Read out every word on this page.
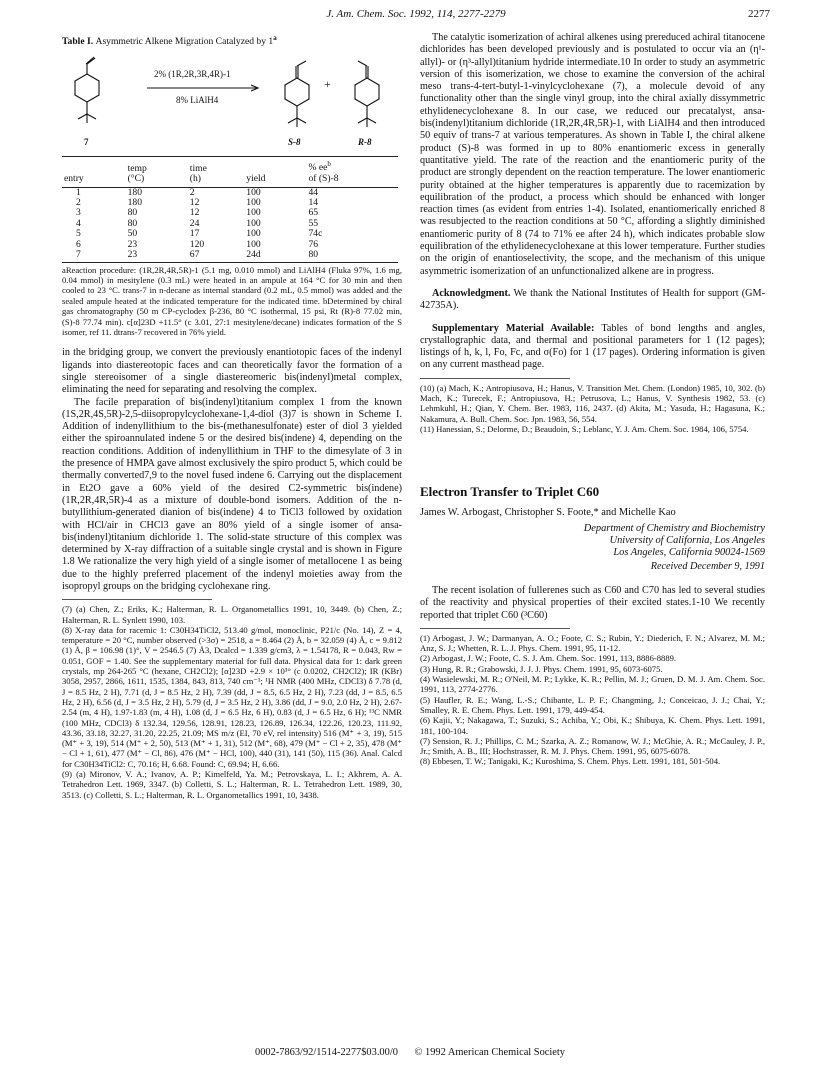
J. Am. Chem. Soc. 1992, 114, 2277-2279	2277
Table I. Asymmetric Alkene Migration Catalyzed by 1$^a$
2% (1R,2R,3R,4R)-1
8% LiAlH4
+
7	S-8	R-8
	temp	time		% $ee^b$
entry	(°C)	(h)	yield	of (S)-8
1	180	2	100	44
2	180	12	100	14
3	80	12	100	65
4	80	24	100	55
5	50	17	100	74c
6	23	120	100	76
7	23	67	24d	80
aReaction procedure: (1R,2R,4R,5R)-1 (5.1 mg, 0.010 mmol) and LiAlH4 (Fluka 97%, 1.6 mg, 0.04 mmol) in mesitylene (0.3 mL) were heated in an ampule at 164 °C for 30 min and then cooled to 23 °C. trans-7 in n-decane as internal standard (0.2 mL, 0.5 mmol) was added and the sealed ampule heated at the indicated temperature for the indicated time. bDetermined by chiral gas chromatography (50 m CP-cyclodex β-236, 80 °C isothermal, 15 psi, Rt (R)-8 77.02 min, (S)-8 77.74 min). c[α]23D +11.5° (c 3.01, 27:1 mesitylene/decane) indicates formation of the S isomer, ref 11. dtrans-7 recovered in 76% yield.

in the bridging group, we convert the previously enantiotopic faces of the indenyl ligands into diastereotopic faces and can theoretically favor the formation of a single stereoisomer of a single diastereomeric bis(indenyl)metal complex, eliminating the need for separating and resolving the complex.

The facile preparation of bis(indenyl)titanium complex 1 from the known (1S,2R,4S,5R)-2,5-diisopropylcyclohexane-1,4-diol (3)7 is shown in Scheme I. Addition of indenyllithium to the bis-(methanesulfonate) ester of diol 3 yielded either the spiroannulated indene 5 or the desired bis(indene) 4, depending on the reaction conditions. Addition of indenyllithium in THF to the dimesylate of 3 in the presence of HMPA gave almost exclusively the spiro product 5, which could be thermally converted7,9 to the novel fused indene 6. Carrying out the displacement in Et2O gave a 60% yield of the desired C2-symmetric bis(indene) (1R,2R,4R,5R)-4 as a mixture of double-bond isomers. Addition of the n-butyllithium-generated dianion of bis(indene) 4 to TiCl3 followed by oxidation with HCl/air in CHCl3 gave an 80% yield of a single isomer of ansa-bis(indenyl)titanium dichloride 1. The solid-state structure of this complex was determined by X-ray diffraction of a suitable single crystal and is shown in Figure 1.8 We rationalize the very high yield of a single isomer of metallocene 1 as being due to the highly preferred placement of the indenyl moieties away from the isopropyl groups on the bridging cyclohexane ring.

(7) (a) Chen, Z.; Eriks, K.; Halterman, R. L. Organometallics 1991, 10, 3449. (b) Chen, Z.; Halterman, R. L. Synlett 1990, 103.
(8) X-ray data for racemic 1: C30H34TiCl2, 513.40 g/mol, monoclinic, P21/c (No. 14), Z = 4, temperature = 20 °C, number observed (>3σ) = 2518, a = 8.464 (2) Å, b = 32.059 (4) Å, c = 9.812 (1) Å, β = 106.98 (1)°, V = 2546.5 (7) Å3, Dcalcd = 1.339 g/cm3, λ = 1.54178, R = 0.043, Rw = 0.051, GOF = 1.40. See the supplementary material for full data. Physical data for 1: dark green crystals, mp 264-265 °C (hexane, CH2Cl2); [α]23D +2.9 × 10³° (c 0.0202, CH2Cl2); IR (KBr) 3058, 2957, 2866, 1611, 1535, 1384, 843, 813, 740 cm⁻¹; ¹H NMR (400 MHz, CDCl3) δ 7.78 (d, J = 8.5 Hz, 2 H), 7.71 (d, J = 8.5 Hz, 2 H), 7.39 (dd, J = 8.5, 6.5 Hz, 2 H), 7.23 (dd, J = 8.5, 6.5 Hz, 2 H), 6.56 (d, J = 3.5 Hz, 2 H), 5.79 (d, J = 3.5 Hz, 2 H), 3.86 (dd, J = 9.0, 2.0 Hz, 2 H), 2.67-2.54 (m, 4 H), 1.97-1.83 (m, 4 H), 1.08 (d, J = 6.5 Hz, 6 H), 0.83 (d, J = 6.5 Hz, 6 H); ¹³C NMR (100 MHz, CDCl3) δ 132.34, 129.56, 128.91, 128.23, 126.89, 126.34, 122.26, 120.23, 111.92, 43.36, 33.18, 32.27, 31.20, 22.25, 21.09; MS m/z (EI, 70 eV, rel intensity) 516 (M⁺ + 3, 19), 515 (M⁺ + 3, 19), 514 (M⁺ + 2, 50), 513 (M⁺ + 1, 31), 512 (M⁺, 68), 479 (M⁺ − Cl + 2, 35), 478 (M⁺ − Cl + 1, 61), 477 (M⁺ − Cl, 86), 476 (M⁺ − HCl, 100), 440 (31), 141 (50), 115 (36). Anal. Calcd for C30H34TiCl2: C, 70.16; H, 6.68. Found: C, 69.94; H, 6.66.
(9) (a) Mironov, V. A.; Ivanov, A. P.; Kimelfeld, Ya. M.; Petrovskaya, L. I.; Akhrem, A. A. Tetrahedron Lett. 1969, 3347. (b) Colletti, S. L.; Halterman, R. L. Tetrahedron Lett. 1989, 30, 3513. (c) Colletti, S. L.; Halterman, R. L. Organometallics 1991, 10, 3438.

The catalytic isomerization of achiral alkenes using prereduced achiral titanocene dichlorides has been developed previously and is postulated to occur via an (η¹-allyl)- or (η³-allyl)titanium hydride intermediate.10 In order to study an asymmetric version of this isomerization, we chose to examine the conversion of the achiral meso trans-4-tert-butyl-1-vinylcyclohexane (7), a molecule devoid of any functionality other than the single vinyl group, into the chiral axially dissymmetric ethylidenecyclohexane 8. In our case, we reduced our precatalyst, ansa-bis(indenyl)titanium dichloride (1R,2R,4R,5R)-1, with LiAlH4 and then introduced 50 equiv of trans-7 at various temperatures. As shown in Table I, the chiral alkene product (S)-8 was formed in up to 80% enantiomeric excess in generally quantitative yield. The rate of the reaction and the enantiomeric purity of the product are strongly dependent on the reaction temperature. The lower enantiomeric purity obtained at the higher temperatures is apparently due to racemization by equilibration of the product, a process which should be enhanced with longer reaction times (as evident from entries 1-4). Isolated, enantiomerically enriched 8 was resubjected to the reaction conditions at 50 °C, affording a slightly diminished enantiomeric purity of 8 (74 to 71% ee after 24 h), which indicates probable slow equilibration of the ethylidenecyclohexane at this lower temperature. Further studies on the origin of enantioselectivity, the scope, and the mechanism of this unique asymmetric isomerization of an unfunctionalized alkene are in progress.

Acknowledgment. We thank the National Institutes of Health for support (GM-42735A).

Supplementary Material Available: Tables of bond lengths and angles, crystallographic data, and thermal and positional parameters for 1 (12 pages); listings of h, k, l, Fo, Fc, and σ(Fo) for 1 (17 pages). Ordering information is given on any current masthead page.

(10) (a) Mach, K.; Antropiusova, H.; Hanus, V. Transition Met. Chem. (London) 1985, 10, 302. (b) Mach, K.; Turecek, F.; Antropiusova, H.; Petrusova, L.; Hanus, V. Synthesis 1982, 53. (c) Lehmkuhl, H.; Qian, Y. Chem. Ber. 1983, 116, 2437. (d) Akita, M.; Yasuda, H.; Hagasuna, K.; Nakamura, A. Bull. Chem. Soc. Jpn. 1983, 56, 554.
(11) Hanessian, S.; Delorme, D.; Beaudoin, S.; Leblanc, Y. J. Am. Chem. Soc. 1984, 106, 5754.
Electron Transfer to Triplet C60
James W. Arbogast, Christopher S. Foote,* and Michelle Kao
Department of Chemistry and Biochemistry
University of California, Los Angeles
Los Angeles, California 90024-1569
Received December 9, 1991

The recent isolation of fullerenes such as C60 and C70 has led to several studies of the reactivity and physical properties of their excited states.1-10 We recently reported that triplet C60 (³C60)

(1) Arbogast, J. W.; Darmanyan, A. O.; Foote, C. S.; Rubin, Y.; Diederich, F. N.; Alvarez, M. M.; Anz, S. J.; Whetten, R. L. J. Phys. Chem. 1991, 95, 11-12.
(2) Arbogast, J. W.; Foote, C. S. J. Am. Chem. Soc. 1991, 113, 8886-8889.
(3) Hung, R. R.; Grabowski, J. J. J. Phys. Chem. 1991, 95, 6073-6075.
(4) Wasielewski, M. R.; O'Neil, M. P.; Lykke, K. R.; Pellin, M. J.; Gruen, D. M. J. Am. Chem. Soc. 1991, 113, 2774-2776.
(5) Haufler, R. E.; Wang, L.-S.; Chibante, L. P. F.; Changming, J.; Conceicao, J. J.; Chai, Y.; Smalley, R. E. Chem. Phys. Lett. 1991, 179, 449-454.
(6) Kajii, Y.; Nakagawa, T.; Suzuki, S.; Achiba, Y.; Obi, K.; Shibuya, K. Chem. Phys. Lett. 1991, 181, 100-104.
(7) Sension, R. J.; Phillips, C. M.; Szarka, A. Z.; Romanow, W. J.; McGhie, A. R.; McCauley, J. P., Jr.; Smith, A. B., III; Hochstrasser, R. M. J. Phys. Chem. 1991, 95, 6075-6078.
(8) Ebbesen, T. W.; Tanigaki, K.; Kuroshima, S. Chem. Phys. Lett. 1991, 181, 501-504.
0002-7863/92/1514-2277$03.00/0 © 1992 American Chemical Society
